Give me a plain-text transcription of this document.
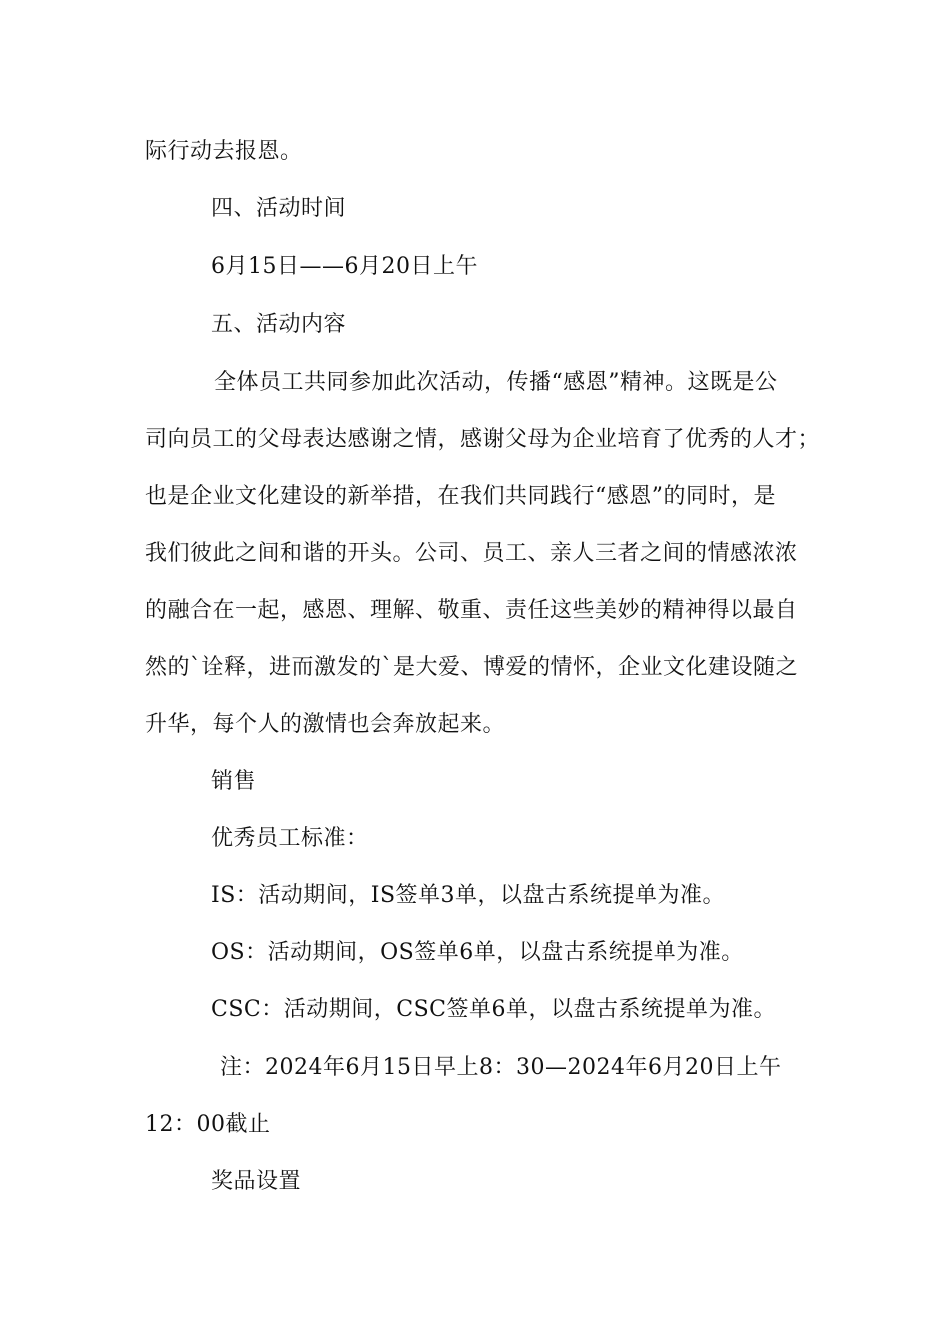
际行动去报恩。
四、活动时间
6月15日——6月20日上午
五、活动内容
全体员工共同参加此次活动，传播“感恩”精神。这既是公
司向员工的父母表达感谢之情，感谢父母为企业培育了优秀的人才；
也是企业文化建设的新举措，在我们共同践行“感恩”的同时，是
我们彼此之间和谐的开头。公司、员工、亲人三者之间的情感浓浓
的融合在一起，感恩、理解、敬重、责任这些美妙的精神得以最自
然的`诠释，进而激发的`是大爱、博爱的情怀，企业文化建设随之
升华，每个人的激情也会奔放起来。
销售
优秀员工标准：
IS：活动期间，IS签单3单，以盘古系统提单为准。
OS：活动期间，OS签单6单，以盘古系统提单为准。
CSC：活动期间，CSC签单6单，以盘古系统提单为准。
注：2024年6月15日早上8：30—2024年6月20日上午
12：00截止
奖品设置
